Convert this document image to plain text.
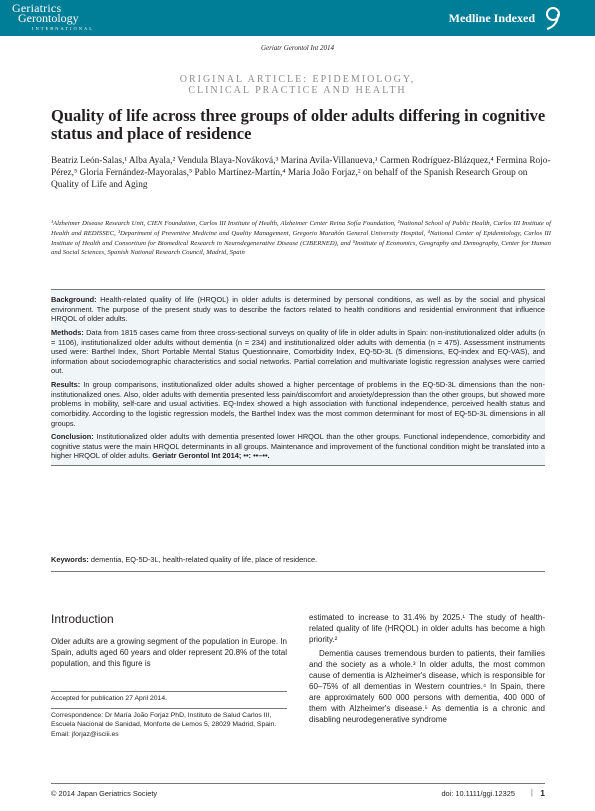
Geriatrics
Gerontology
INTERNATIONAL
Medline Indexed
Geriatr Gerontol Int 2014
ORIGINAL ARTICLE: EPIDEMIOLOGY,
CLINICAL PRACTICE AND HEALTH
Quality of life across three groups of older adults differing in cognitive status and place of residence
Beatriz León-Salas,¹ Alba Ayala,² Vendula Blaya-Nováková,³ Marina Avila-Villanueva,¹ Carmen Rodríguez-Blázquez,⁴ Fermina Rojo-Pérez,⁵ Gloria Fernández-Mayoralas,⁵ Pablo Martínez-Martín,⁴ Maria João Forjaz,² on behalf of the Spanish Research Group on Quality of Life and Aging
¹Alzheimer Disease Research Unit, CIEN Foundation, Carlos III Institute of Health, Alzheimer Center Reina Sofía Foundation, ²National School of Public Health, Carlos III Institute of Health and REDISSEC, ³Department of Preventive Medicine and Quality Management, Gregorio Marañón General University Hospital, ⁴National Center of Epidemiology, Carlos III Institute of Health and Consortium for Biomedical Research in Neurodegenerative Disease (CIBERNED), and ⁵Institute of Economics, Geography and Demography, Center for Human and Social Sciences, Spanish National Research Council, Madrid, Spain

Background: Health-related quality of life (HRQOL) in older adults is determined by personal conditions, as well as by the social and physical environment. The purpose of the present study was to describe the factors related to health conditions and residential environment that influence HRQOL of older adults.

Methods: Data from 1815 cases came from three cross-sectional surveys on quality of life in older adults in Spain: non-institutionalized older adults (n = 1106), institutionalized older adults without dementia (n = 234) and institutionalized older adults with dementia (n = 475). Assessment instruments used were: Barthel Index, Short Portable Mental Status Questionnaire, Comorbidity Index, EQ-5D-3L (5 dimensions, EQ-index and EQ-VAS), and information about sociodemographic characteristics and social networks. Partial correlation and multivariate logistic regression analyses were carried out.

Results: In group comparisons, institutionalized older adults showed a higher percentage of problems in the EQ-5D-3L dimensions than the non-institutionalized ones. Also, older adults with dementia presented less pain/discomfort and anxiety/depression than the other groups, but showed more problems in mobility, self-care and usual activities. EQ-Index showed a high association with functional independence, perceived health status and comorbidity. According to the logistic regression models, the Barthel Index was the most common determinant for most of EQ-5D-3L dimensions in all groups.

Conclusion: Institutionalized older adults with dementia presented lower HRQOL than the other groups. Functional independence, comorbidity and cognitive status were the main HRQOL determinants in all groups. Maintenance and improvement of the functional condition might be translated into a higher HRQOL of older adults. Geriatr Gerontol Int 2014; ••: ••–••.

Keywords: dementia, EQ-5D-3L, health-related quality of life, place of residence.
Introduction
Older adults are a growing segment of the population in Europe. In Spain, adults aged 60 years and older represent 20.8% of the total population, and this figure is

estimated to increase to 31.4% by 2025.¹ The study of health-related quality of life (HRQOL) in older adults has become a high priority.²

Dementia causes tremendous burden to patients, their families and the society as a whole.³ In older adults, the most common cause of dementia is Alzheimer's disease, which is responsible for 60–75% of all dementias in Western countries.⁴ In Spain, there are approximately 600 000 persons with dementia, 400 000 of them with Alzheimer's disease.⁵ As dementia is a chronic and disabling neurodegenerative syndrome

Accepted for publication 27 April 2014.
Correspondence: Dr María João Forjaz PhD, Instituto de Salud Carlos III, Escuela Nacional de Sanidad, Monforte de Lemos 5, 28029 Madrid, Spain. Email: jforjaz@isciii.es
© 2014 Japan Geriatrics Society	doi: 10.1111/ggi.12325 | 1
